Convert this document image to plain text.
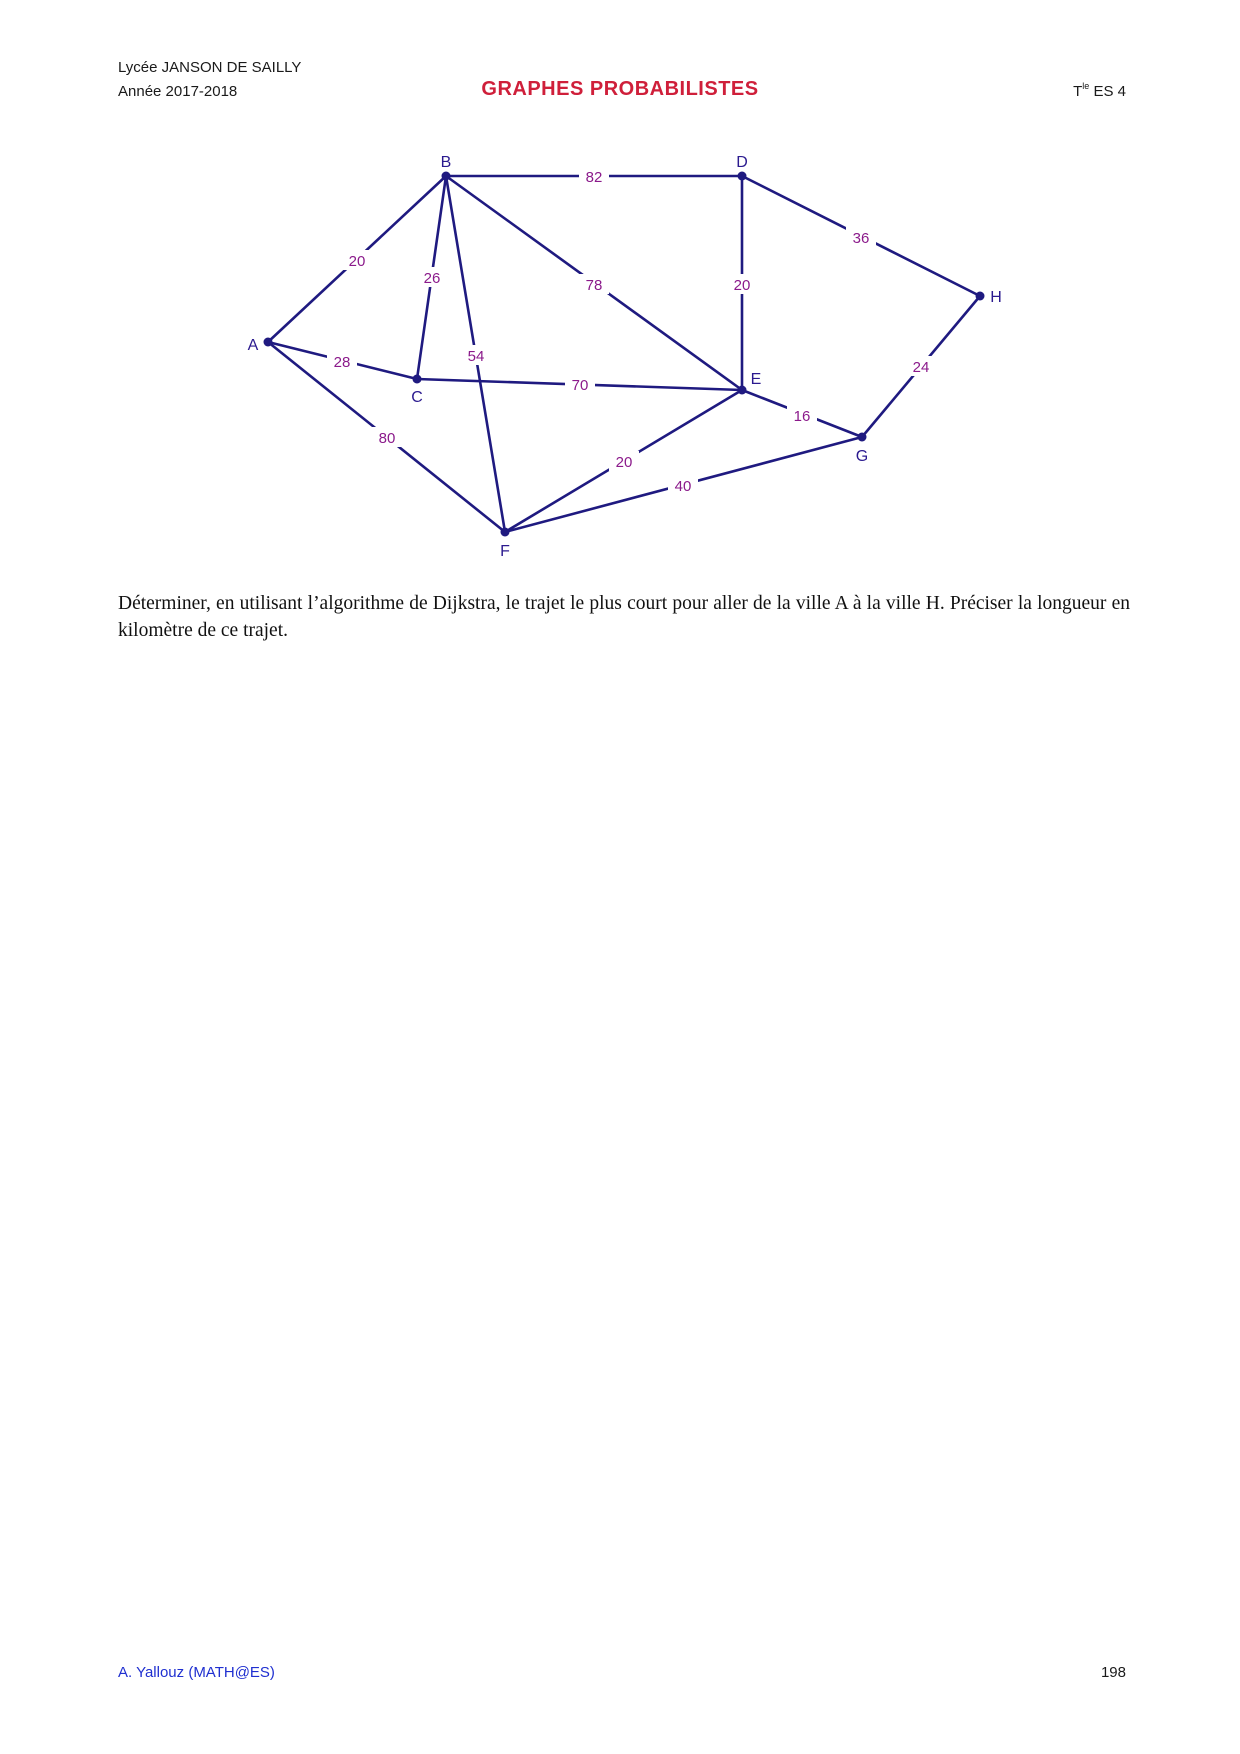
Lycée JANSON DE SAILLY
Année 2017-2018	GRAPHES PROBABILISTES	$T^{le}$ ES 4
20
28
80
26
54
78
82
70
20
36
20
16
40
24
A
B
C
D
E
F
G
H
Déterminer, en utilisant l’algorithme de Dijkstra, le trajet le plus court pour aller de la ville A à la ville H. Préciser la longueur en kilomètre de ce trajet.
A. Yallouz (MATH@ES)	198
